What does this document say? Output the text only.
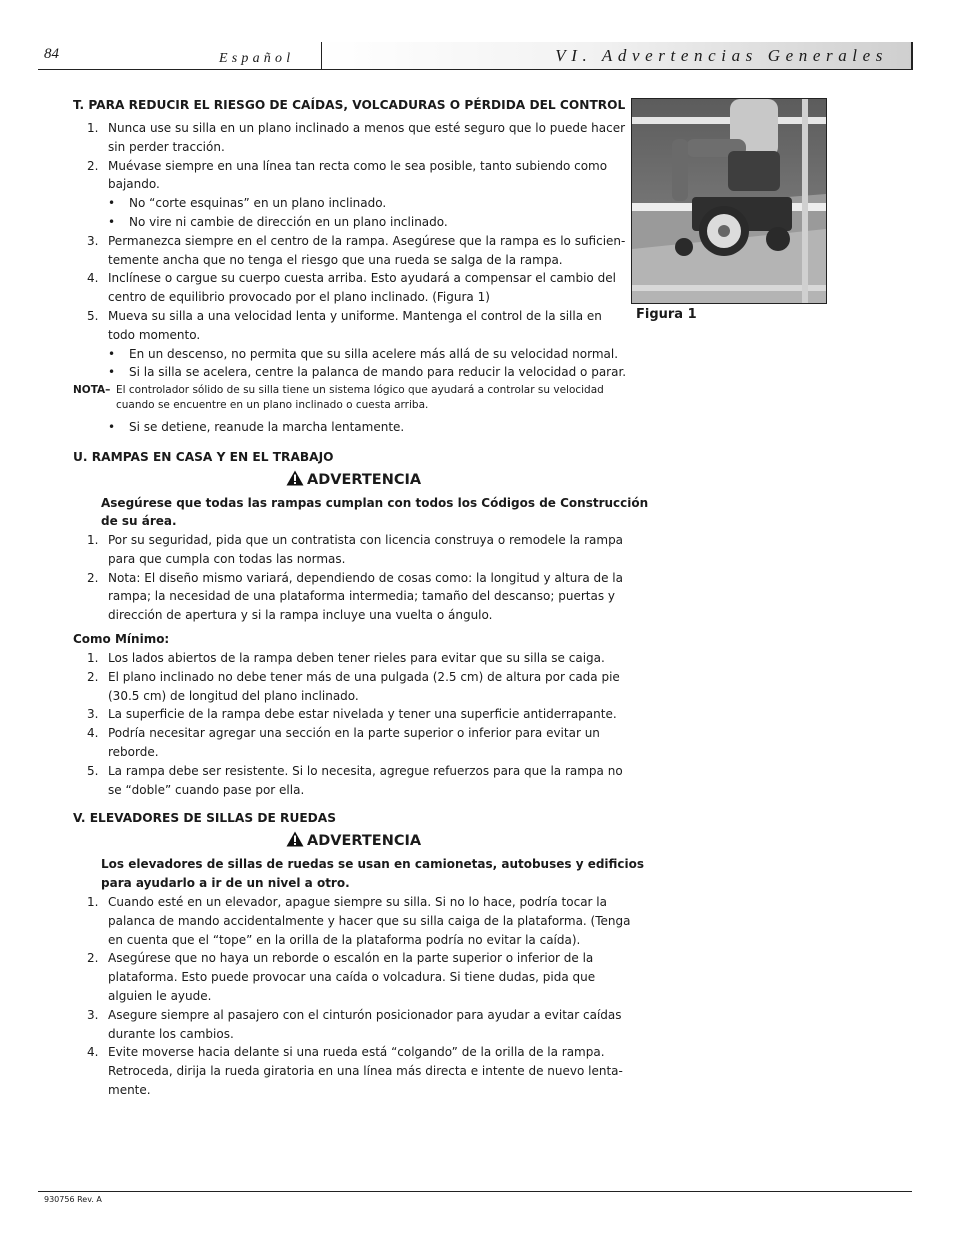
84	Español	VI. Advertencias Generales
T. PARA REDUCIR EL RIESGO DE CAÍDAS, VOLCADURAS O PÉRDIDA DEL CONTROL
1. Nunca use su silla en un plano inclinado a menos que esté seguro que lo puede hacer
sin perder tracción.
2. Muévase siempre en una línea tan recta como le sea posible, tanto subiendo como
bajando.
• No “corte esquinas” en un plano inclinado.
• No vire ni cambie de dirección en un plano inclinado.
3. Permanezca siempre en el centro de la rampa. Asegúrese que la rampa es lo suficien-
temente ancha que no tenga el riesgo que una rueda se salga de la rampa.
4. Inclínese o cargue su cuerpo cuesta arriba. Esto ayudará a compensar el cambio del
centro de equilibrio provocado por el plano inclinado. (Figura 1)
5. Mueva su silla a una velocidad lenta y uniforme. Mantenga el control de la silla en
todo momento.
• En un descenso, no permita que su silla acelere más allá de su velocidad normal.
• Si la silla se acelera, centre la palanca de mando para reducir la velocidad o parar.
NOTA– El controlador sólido de su silla tiene un sistema lógico que ayudará a controlar su velocidad
cuando se encuentre en un plano inclinado o cuesta arriba.
• Si se detiene, reanude la marcha lentamente.
U. RAMPAS EN CASA Y EN EL TRABAJO
ADVERTENCIA
Asegúrese que todas las rampas cumplan con todos los Códigos de Construcción
de su área.
1. Por su seguridad, pida que un contratista con licencia construya o remodele la rampa
para que cumpla con todas las normas.
2. Nota: El diseño mismo variará, dependiendo de cosas como: la longitud y altura de la
rampa; la necesidad de una plataforma intermedia; tamaño del descanso; puertas y
dirección de apertura y si la rampa incluye una vuelta o ángulo.
Como Mínimo:
1. Los lados abiertos de la rampa deben tener rieles para evitar que su silla se caiga.
2. El plano inclinado no debe tener más de una pulgada (2.5 cm) de altura por cada pie
(30.5 cm) de longitud del plano inclinado.
3. La superficie de la rampa debe estar nivelada y tener una superficie antiderrapante.
4. Podría necesitar agregar una sección en la parte superior o inferior para evitar un
reborde.
5. La rampa debe ser resistente. Si lo necesita, agregue refuerzos para que la rampa no
se “doble” cuando pase por ella.
V. ELEVADORES DE SILLAS DE RUEDAS
ADVERTENCIA
Los elevadores de sillas de ruedas se usan en camionetas, autobuses y edificios
para ayudarlo a ir de un nivel a otro.
1. Cuando esté en un elevador, apague siempre su silla. Si no lo hace, podría tocar la
palanca de mando accidentalmente y hacer que su silla caiga de la plataforma. (Tenga
en cuenta que el “tope” en la orilla de la plataforma podría no evitar la caída).
2. Asegúrese que no haya un reborde o escalón en la parte superior o inferior de la
plataforma. Esto puede provocar una caída o volcadura. Si tiene dudas, pida que
alguien le ayude.
3. Asegure siempre al pasajero con el cinturón posicionador para ayudar a evitar caídas
durante los cambios.
4. Evite moverse hacia delante si una rueda está “colgando” de la orilla de la rampa.
Retroceda, dirija la rueda giratoria en una línea más directa e intente de nuevo lenta-
mente.
Figura 1
930756 Rev. A
